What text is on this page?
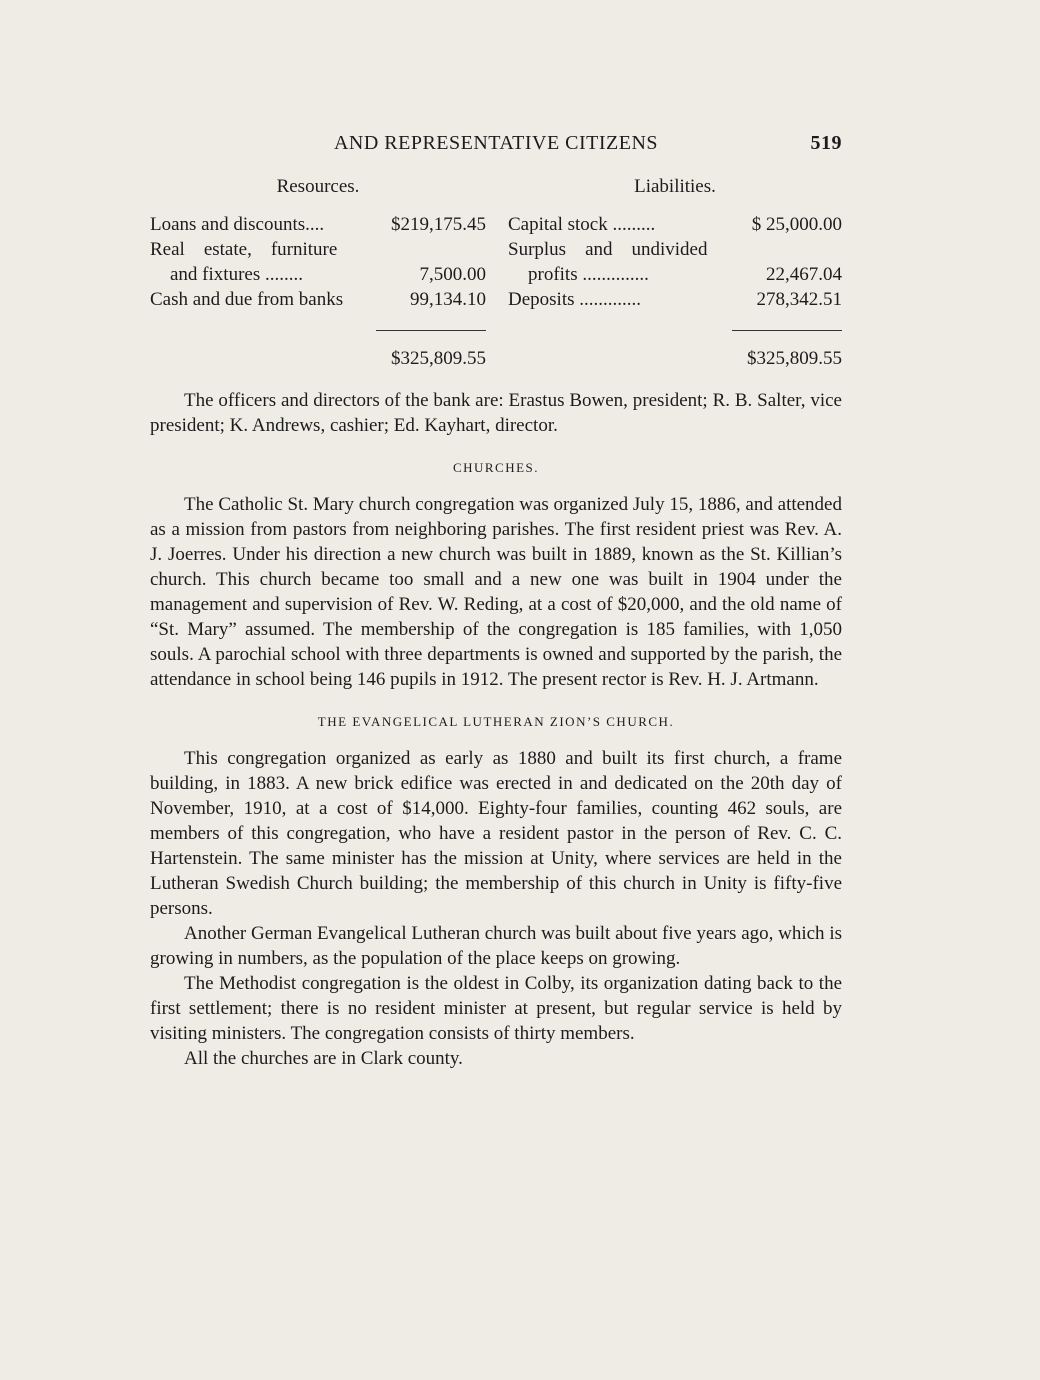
AND REPRESENTATIVE CITIZENS	519
Resources.
Loans and discounts....	$219,175.45
Real    estate,    furniture
and fixtures ........	7,500.00
Cash and due from banks	99,134.10
$325,809.55
Liabilities.
Capital stock .........	$ 25,000.00
Surplus    and    undivided
profits ..............	22,467.04
Deposits .............	278,342.51
$325,809.55

The officers and directors of the bank are: Erastus Bowen, president; R. B. Salter, vice president; K. Andrews, cashier; Ed. Kayhart, director.

CHURCHES.

The Catholic St. Mary church congregation was organized July 15, 1886, and attended as a mission from pastors from neighboring parishes. The first resident priest was Rev. A. J. Joerres. Under his direction a new church was built in 1889, known as the St. Killian’s church. This church became too small and a new one was built in 1904 under the management and supervision of Rev. W. Reding, at a cost of $20,000, and the old name of “St. Mary” assumed. The membership of the congregation is 185 families, with 1,050 souls. A parochial school with three departments is owned and supported by the parish, the attendance in school being 146 pupils in 1912. The present rector is Rev. H. J. Artmann.

THE EVANGELICAL LUTHERAN ZION’S CHURCH.

This congregation organized as early as 1880 and built its first church, a frame building, in 1883. A new brick edifice was erected in and dedicated on the 20th day of November, 1910, at a cost of $14,000. Eighty-four families, counting 462 souls, are members of this congregation, who have a resident pastor in the person of Rev. C. C. Hartenstein. The same minister has the mission at Unity, where services are held in the Lutheran Swedish Church building; the membership of this church in Unity is fifty-five persons.

Another German Evangelical Lutheran church was built about five years ago, which is growing in numbers, as the population of the place keeps on growing.

The Methodist congregation is the oldest in Colby, its organization dating back to the first settlement; there is no resident minister at present, but regular service is held by visiting ministers. The congregation consists of thirty members.

All the churches are in Clark county.
